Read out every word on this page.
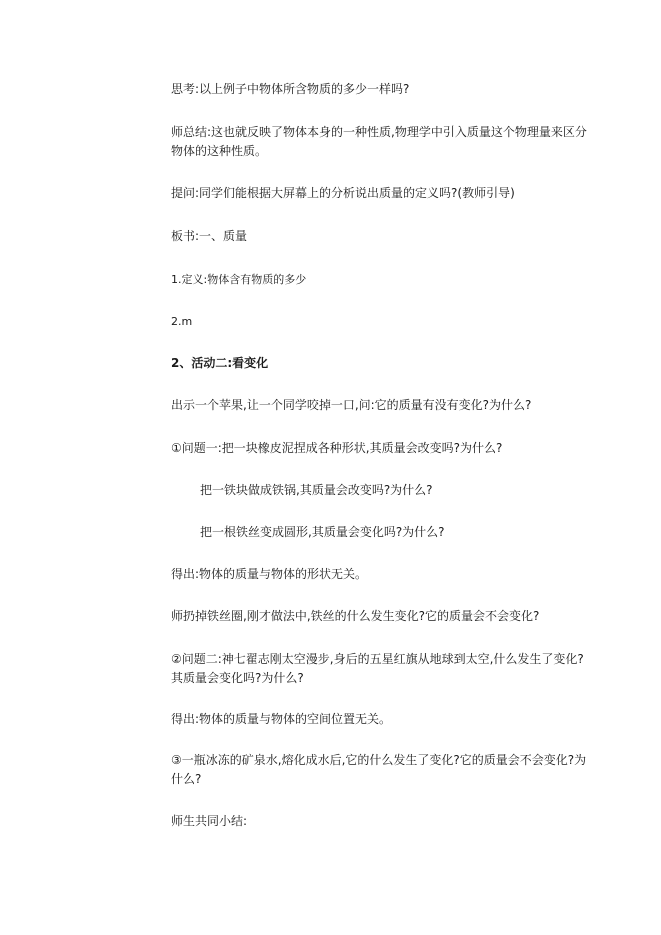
思考:以上例子中物体所含物质的多少一样吗?

师总结:这也就反映了物体本身的一种性质,物理学中引入质量这个物理量来区分物体的这种性质。

提问:同学们能根据大屏幕上的分析说出质量的定义吗?(教师引导)

板书:一、质量

1.定义:物体含有物质的多少

2.m

2、活动二:看变化

出示一个苹果,让一个同学咬掉一口,问:它的质量有没有变化?为什么?

①问题一:把一块橡皮泥捏成各种形状,其质量会改变吗?为什么?

把一铁块做成铁锅,其质量会改变吗?为什么?

把一根铁丝变成圆形,其质量会变化吗?为什么?

得出:物体的质量与物体的形状无关。

师扔掉铁丝圈,刚才做法中,铁丝的什么发生变化?它的质量会不会变化?

②问题二:神七翟志刚太空漫步,身后的五星红旗从地球到太空,什么发生了变化?其质量会变化吗?为什么?

得出:物体的质量与物体的空间位置无关。

③一瓶冰冻的矿泉水,熔化成水后,它的什么发生了变化?它的质量会不会变化?为什么?

师生共同小结:
